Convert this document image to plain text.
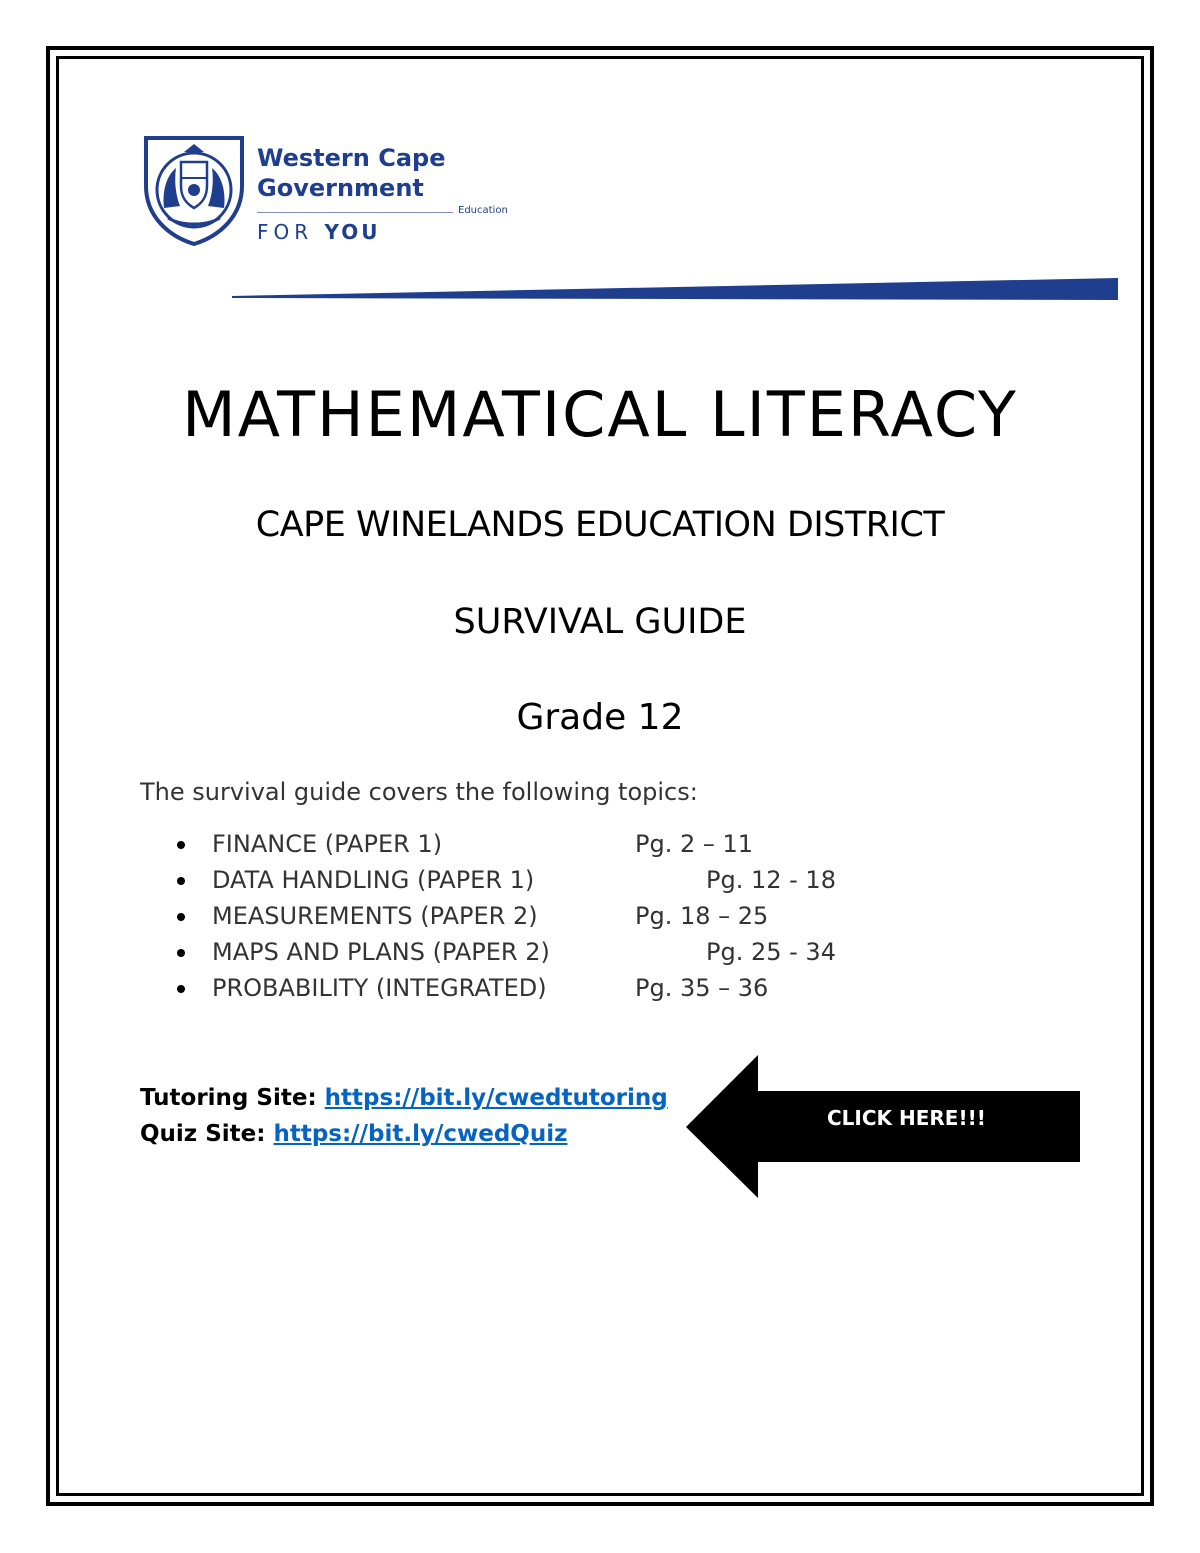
Western Cape
Government
Education
FOR YOU
MATHEMATICAL LITERACY
CAPE WINELANDS EDUCATION DISTRICT
SURVIVAL GUIDE
Grade 12
The survival guide covers the following topics:
FINANCE (PAPER 1)	Pg. 2 – 11
DATA HANDLING (PAPER 1)	Pg. 12 - 18
MEASUREMENTS (PAPER 2)	Pg. 18 – 25
MAPS AND PLANS (PAPER 2)	Pg. 25 - 34
PROBABILITY (INTEGRATED)	Pg. 35 – 36
Tutoring Site: https://bit.ly/cwedtutoring
Quiz Site: https://bit.ly/cwedQuiz
CLICK HERE!!!
